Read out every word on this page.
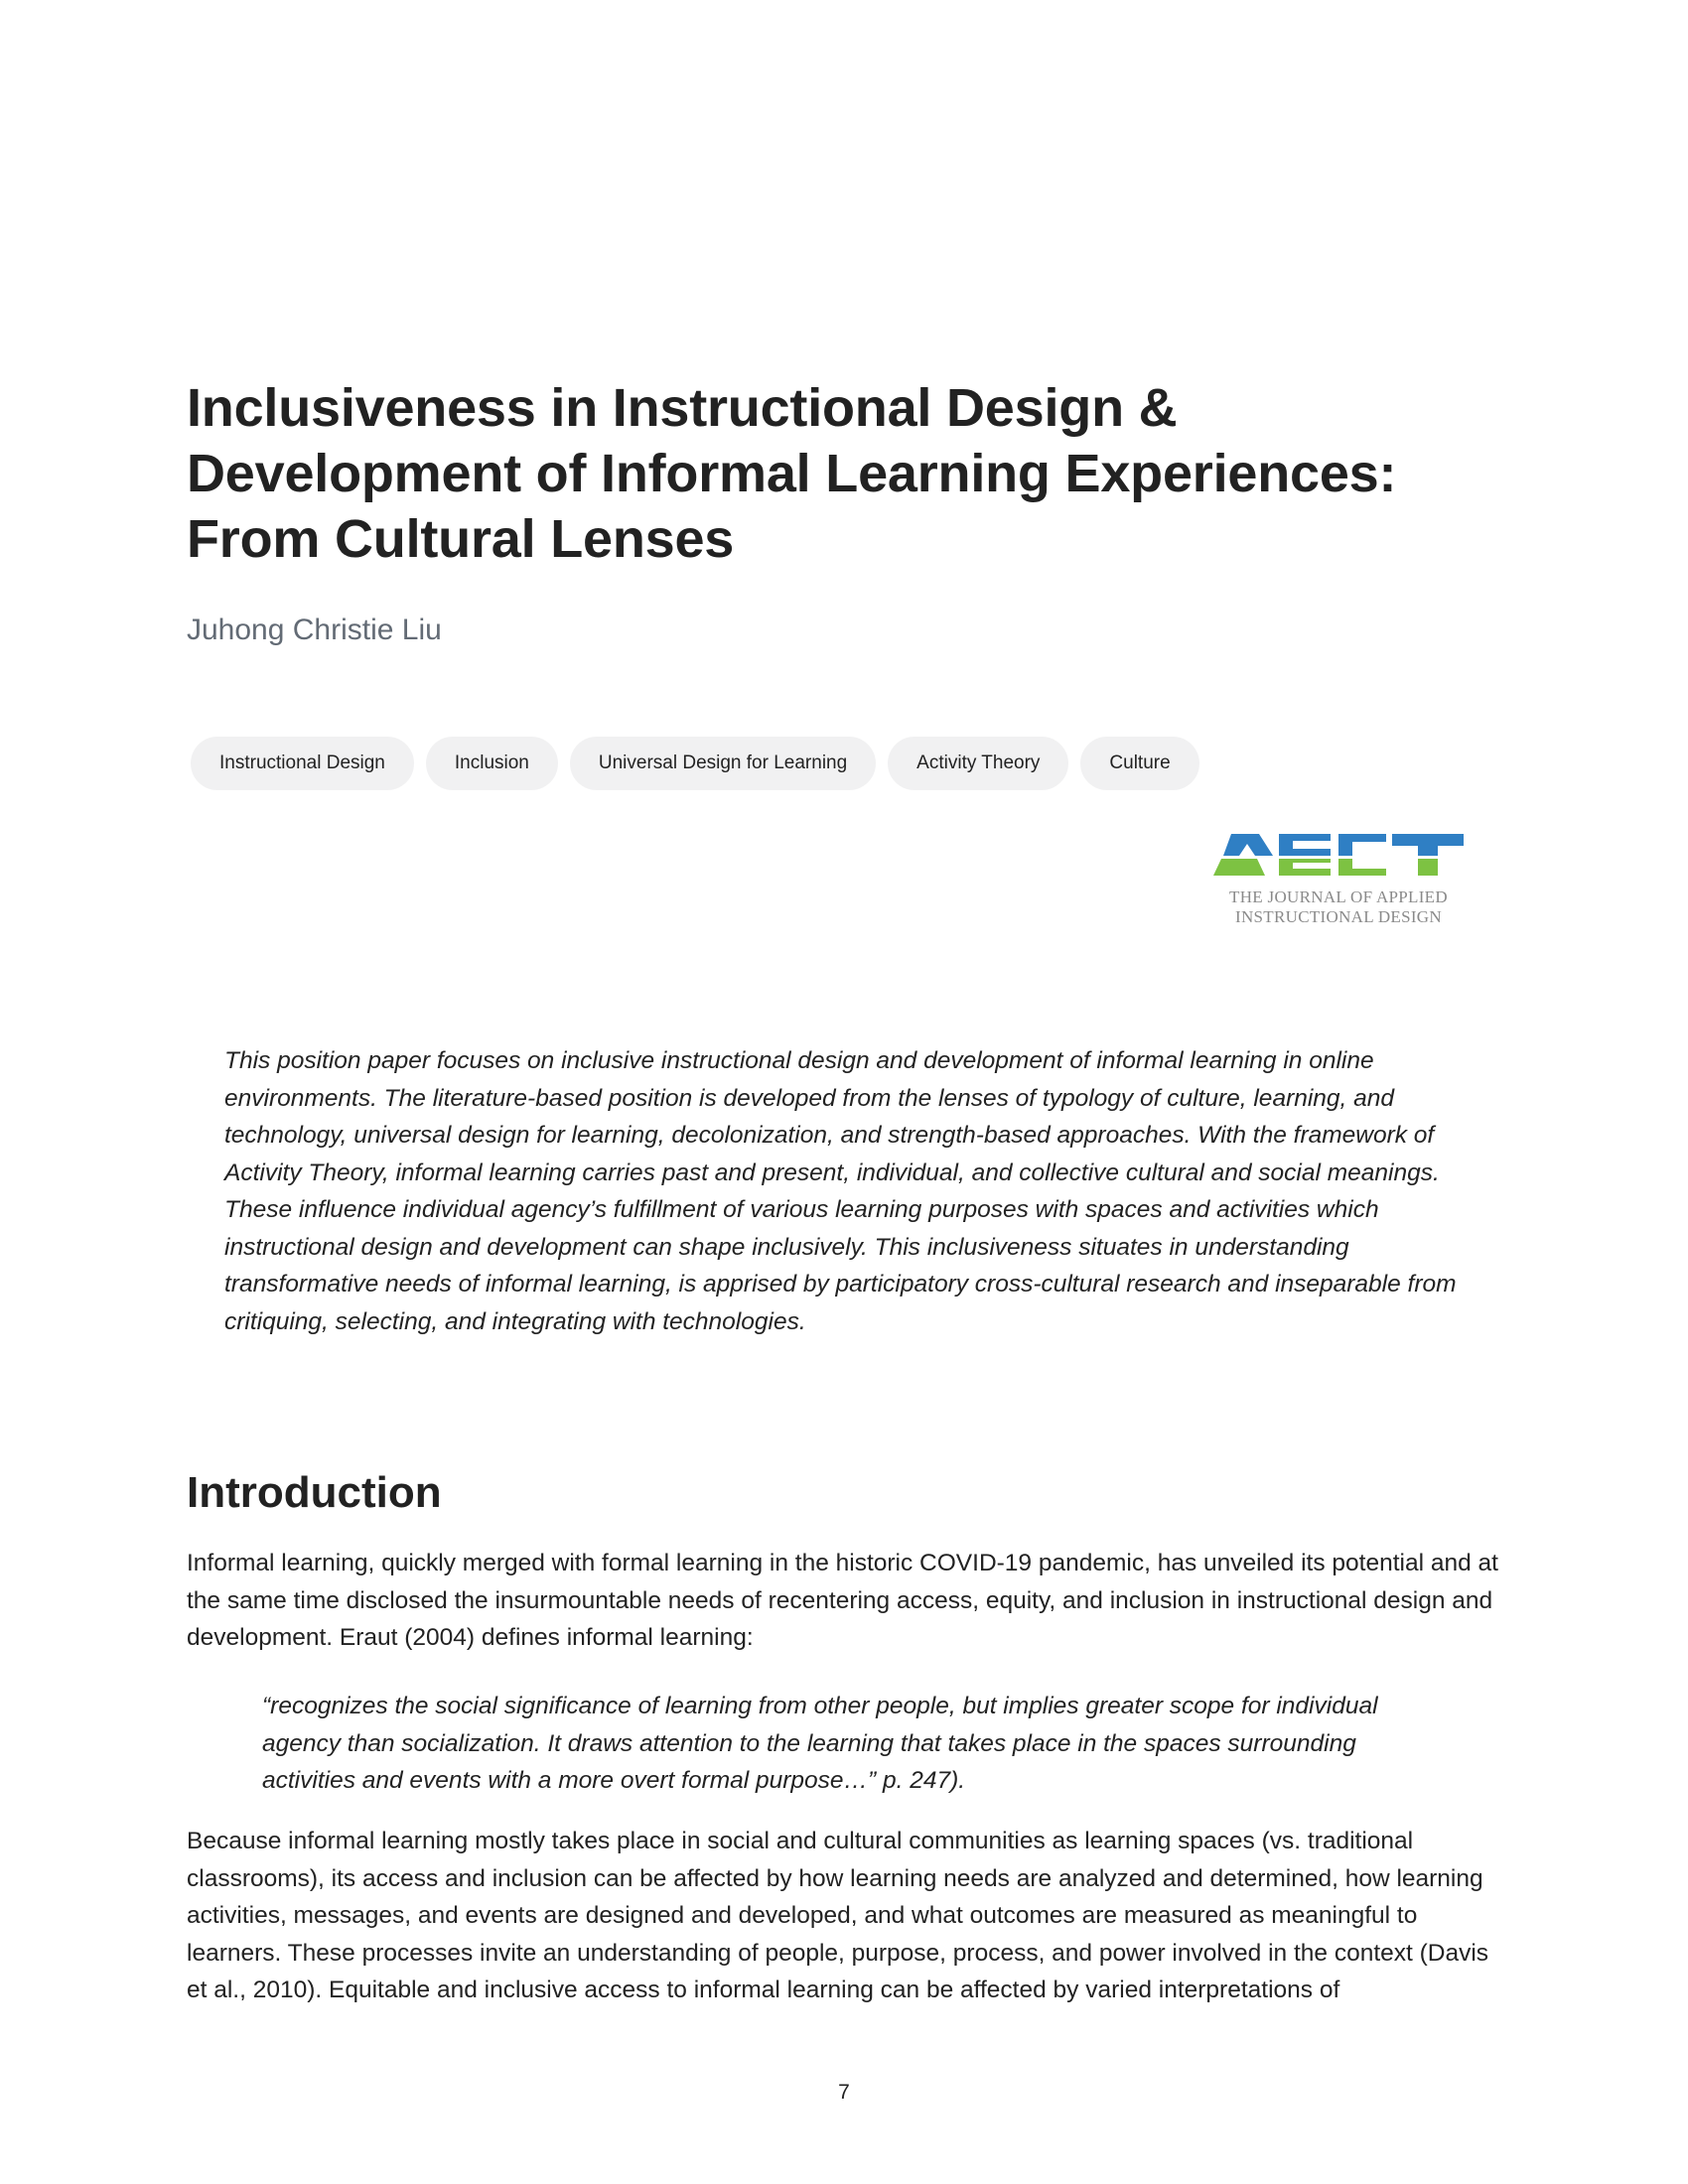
Inclusiveness in Instructional Design & Development of Informal Learning Experiences: From Cultural Lenses
Juhong Christie Liu
Instructional Design	Inclusion	Universal Design for Learning	Activity Theory	Culture
THE JOURNAL OF APPLIED
INSTRUCTIONAL DESIGN

This position paper focuses on inclusive instructional design and development of informal learning in online environments. The literature-based position is developed from the lenses of typology of culture, learning, and technology, universal design for learning, decolonization, and strength-based approaches. With the framework of Activity Theory, informal learning carries past and present, individual, and collective cultural and social meanings. These influence individual agency’s fulfillment of various learning purposes with spaces and activities which instructional design and development can shape inclusively. This inclusiveness situates in understanding transformative needs of informal learning, is apprised by participatory cross-cultural research and inseparable from critiquing, selecting, and integrating with technologies.

Introduction

Informal learning, quickly merged with formal learning in the historic COVID-19 pandemic, has unveiled its potential and at the same time disclosed the insurmountable needs of recentering access, equity, and inclusion in instructional design and development. Eraut (2004) defines informal learning:

“recognizes the social significance of learning from other people, but implies greater scope for individual agency than socialization. It draws attention to the learning that takes place in the spaces surrounding activities and events with a more overt formal purpose…” p. 247).

Because informal learning mostly takes place in social and cultural communities as learning spaces (vs. traditional classrooms), its access and inclusion can be affected by how learning needs are analyzed and determined, how learning activities, messages, and events are designed and developed, and what outcomes are measured as meaningful to learners. These processes invite an understanding of people, purpose, process, and power involved in the context (Davis et al., 2010). Equitable and inclusive access to informal learning can be affected by varied interpretations of

7
